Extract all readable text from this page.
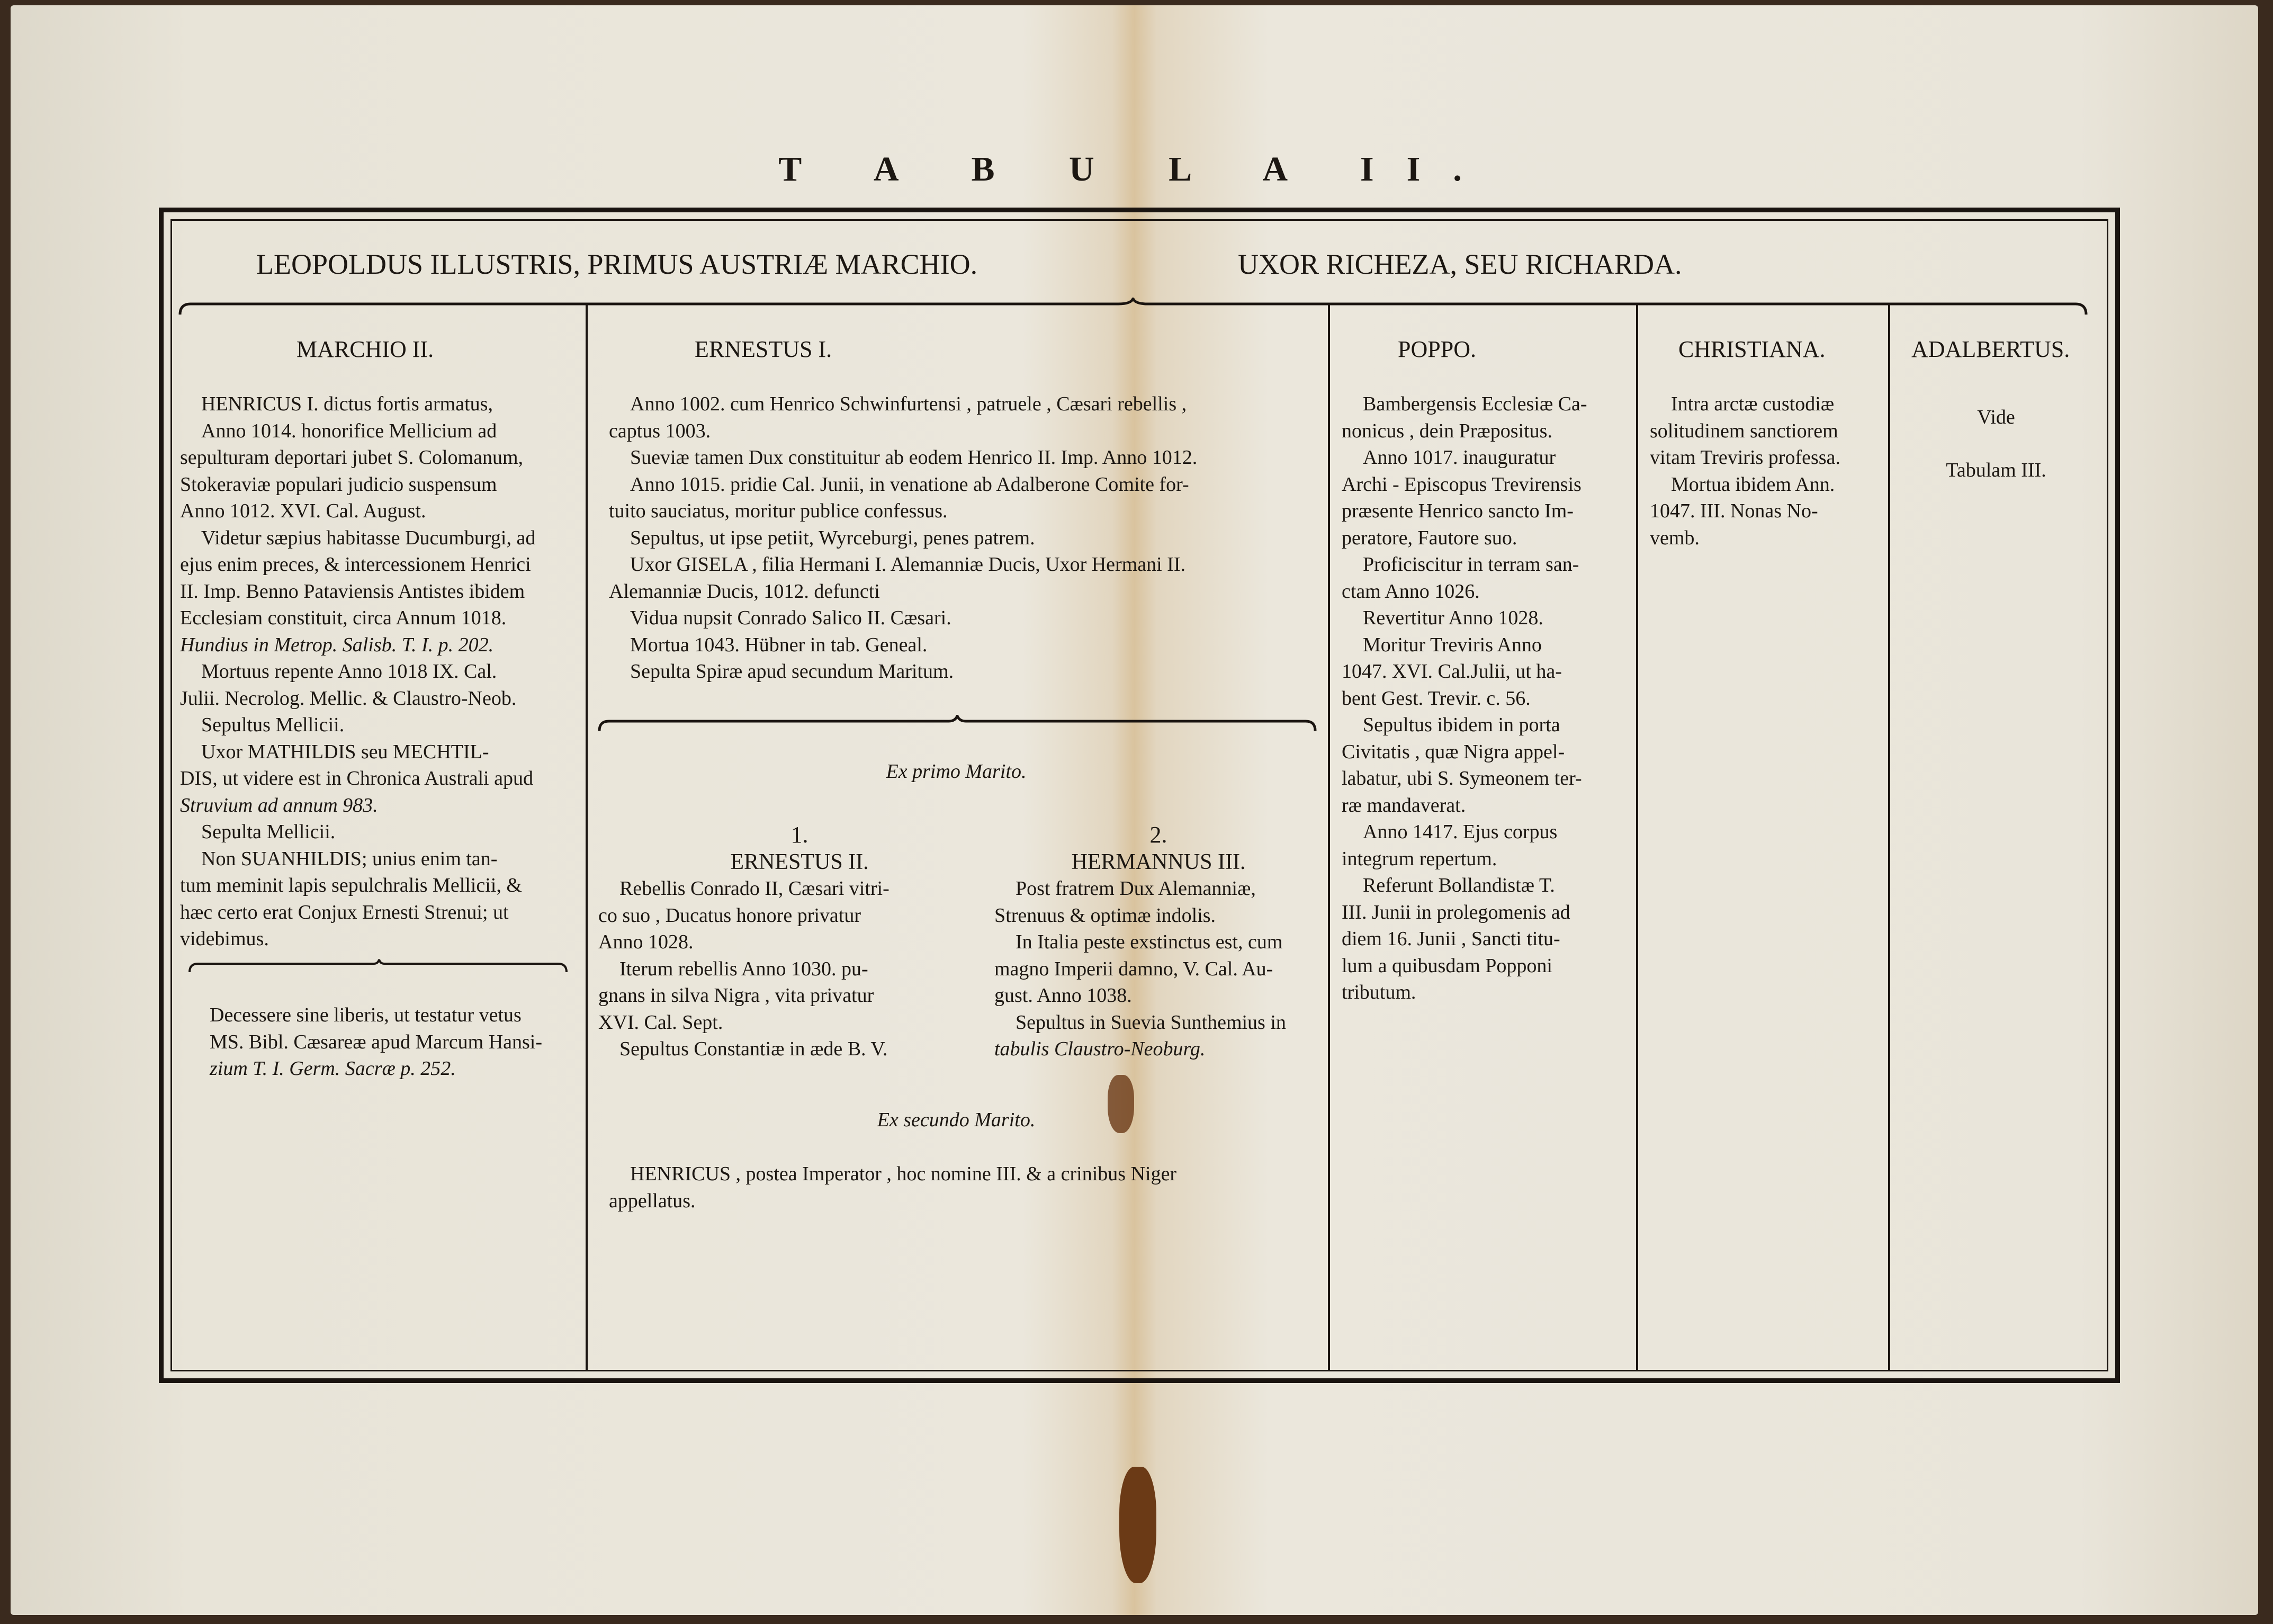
T A B U L A II.
LEOPOLDUS ILLUSTRIS, PRIMUS AUSTRIÆ MARCHIO.	UXOR RICHEZA, SEU RICHARDA.
MARCHIO II.

HENRICUS I. dictus fortis armatus,

Anno 1014. honorifice Mellicium ad

sepulturam deportari jubet S. Colomanum,

Stokeraviæ populari judicio suspensum

Anno 1012. XVI. Cal. August.

Videtur sæpius habitasse Ducumburgi, ad

ejus enim preces, & intercessionem Henrici

II. Imp. Benno Pataviensis Antistes ibidem

Ecclesiam constituit, circa Annum 1018.

Hundius in Metrop. Salisb. T. I. p. 202.

Mortuus repente Anno 1018 IX. Cal.

Julii. Necrolog. Mellic. & Claustro-Neob.

Sepultus Mellicii.

Uxor MATHILDIS seu MECHTIL-

DIS, ut videre est in Chronica Australi apud

Struvium ad annum 983.

Sepulta Mellicii.

Non SUANHILDIS; unius enim tan-

tum meminit lapis sepulchralis Mellicii, &

hæc certo erat Conjux Ernesti Strenui; ut

videbimus.

Decessere sine liberis, ut testatur vetus

MS. Bibl. Cæsareæ apud Marcum Hansi-

zium T. I. Germ. Sacræ p. 252.

ERNESTUS I.

Anno 1002. cum Henrico Schwinfurtensi , patruele , Cæsari rebellis ,

captus 1003.

Sueviæ tamen Dux constituitur ab eodem Henrico II. Imp. Anno 1012.

Anno 1015. pridie Cal. Junii, in venatione ab Adalberone Comite for-

tuito sauciatus, moritur publice confessus.

Sepultus, ut ipse petiit, Wyrceburgi, penes patrem.

Uxor GISELA , filia Hermani I. Alemanniæ Ducis, Uxor Hermani II.

Alemanniæ Ducis, 1012. defuncti

Vidua nupsit Conrado Salico II. Cæsari.

Mortua 1043. Hübner in tab. Geneal.

Sepulta Spiræ apud secundum Maritum.

Ex primo Marito.

1.

ERNESTUS II.

Rebellis Conrado II, Cæsari vitri-

co suo , Ducatus honore privatur

Anno 1028.

Iterum rebellis Anno 1030. pu-

gnans in silva Nigra , vita privatur

XVI. Cal. Sept.

Sepultus Constantiæ in æde B. V.

2.

HERMANNUS III.

Post fratrem Dux Alemanniæ,

Strenuus & optimæ indolis.

In Italia peste exstinctus est, cum

magno Imperii damno, V. Cal. Au-

gust. Anno 1038.

Sepultus in Suevia Sunthemius in

tabulis Claustro-Neoburg.

Ex secundo Marito.

HENRICUS , postea Imperator , hoc nomine III. & a crinibus Niger

appellatus.

POPPO.

Bambergensis Ecclesiæ Ca-

nonicus , dein Præpositus.

Anno 1017. inauguratur

Archi - Episcopus Trevirensis

præsente Henrico sancto Im-

peratore, Fautore suo.

Proficiscitur in terram san-

ctam Anno 1026.

Revertitur Anno 1028.

Moritur Treviris Anno

1047. XVI. Cal.Julii, ut ha-

bent Gest. Trevir. c. 56.

Sepultus ibidem in porta

Civitatis , quæ Nigra appel-

labatur, ubi S. Symeonem ter-

ræ mandaverat.

Anno 1417. Ejus corpus

integrum repertum.

Referunt Bollandistæ T.

III. Junii in prolegomenis ad

diem 16. Junii , Sancti titu-

lum a quibusdam Popponi

tributum.

CHRISTIANA.

Intra arctæ custodiæ

solitudinem sanctiorem

vitam Treviris professa.

Mortua ibidem Ann.

1047. III. Nonas No-

vemb.

ADALBERTUS.

Vide

Tabulam III.
